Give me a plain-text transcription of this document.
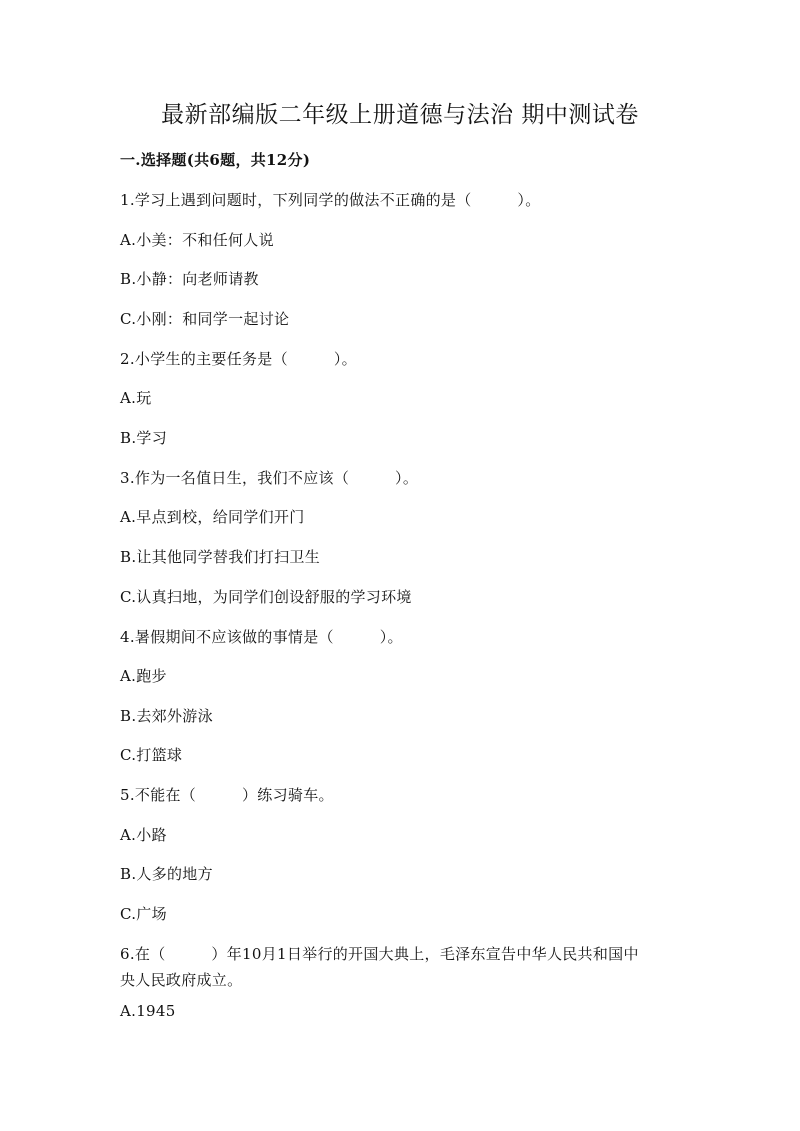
最新部编版二年级上册道德与法治 期中测试卷
一.选择题(共6题，共12分)
1.学习上遇到问题时，下列同学的做法不正确的是（　　　）。
A.小美：不和任何人说
B.小静：向老师请教
C.小刚：和同学一起讨论
2.小学生的主要任务是（　　　）。
A.玩
B.学习
3.作为一名值日生，我们不应该（　　　）。
A.早点到校，给同学们开门
B.让其他同学替我们打扫卫生
C.认真扫地，为同学们创设舒服的学习环境
4.暑假期间不应该做的事情是（　　　）。
A.跑步
B.去郊外游泳
C.打篮球
5.不能在（　　　）练习骑车。
A.小路
B.人多的地方
C.广场
6.在（　　　）年10月1日举行的开国大典上，毛泽东宣告中华人民共和国中
央人民政府成立。
A.1945
